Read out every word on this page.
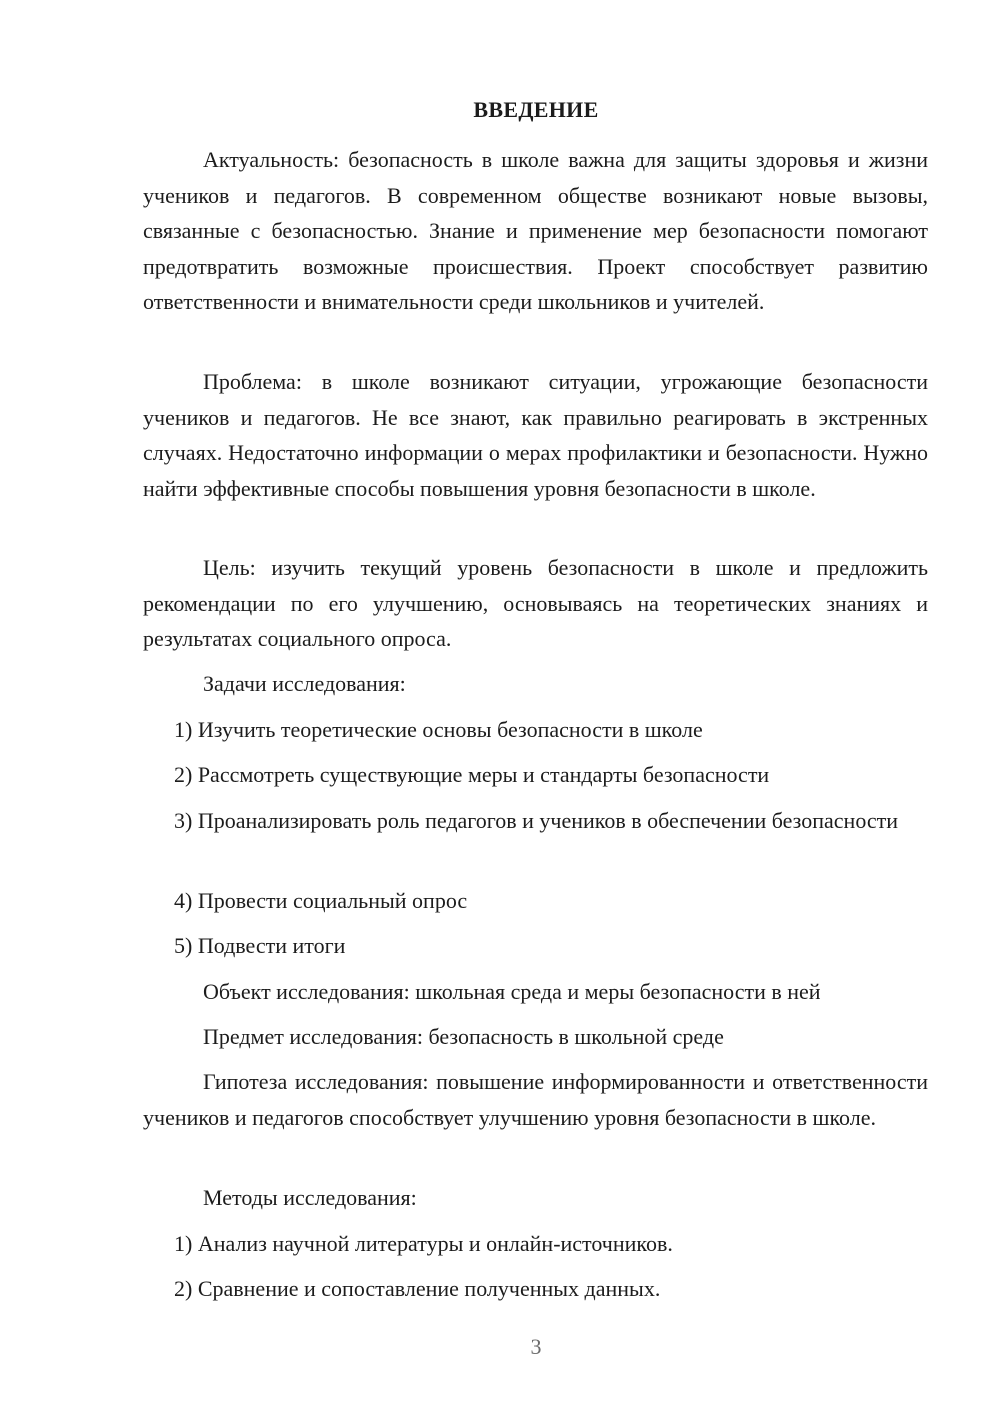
ВВЕДЕНИЕ

Актуальность: безопасность в школе важна для защиты здоровья и жизни учеников и педагогов. В современном обществе возникают новые вызовы, связанные с безопасностью. Знание и применение мер безопасности помогают предотвратить возможные происшествия. Проект способствует развитию ответственности и внимательности среди школьников и учителей.

Проблема: в школе возникают ситуации, угрожающие безопасности учеников и педагогов. Не все знают, как правильно реагировать в экстренных случаях. Недостаточно информации о мерах профилактики и безопасности. Нужно найти эффективные способы повышения уровня безопасности в школе.

Цель: изучить текущий уровень безопасности в школе и предложить рекомендации по его улучшению, основываясь на теоретических знаниях и результатах социального опроса.

Задачи исследования:

1) Изучить теоретические основы безопасности в школе

2) Рассмотреть существующие меры и стандарты безопасности

3) Проанализировать роль педагогов и учеников в обеспечении безопасности

4) Провести социальный опрос

5) Подвести итоги

Объект исследования: школьная среда и меры безопасности в ней

Предмет исследования: безопасность в школьной среде

Гипотеза исследования: повышение информированности и ответственности учеников и педагогов способствует улучшению уровня безопасности в школе.

Методы исследования:

1) Анализ научной литературы и онлайн-источников.

2) Сравнение и сопоставление полученных данных.

3
